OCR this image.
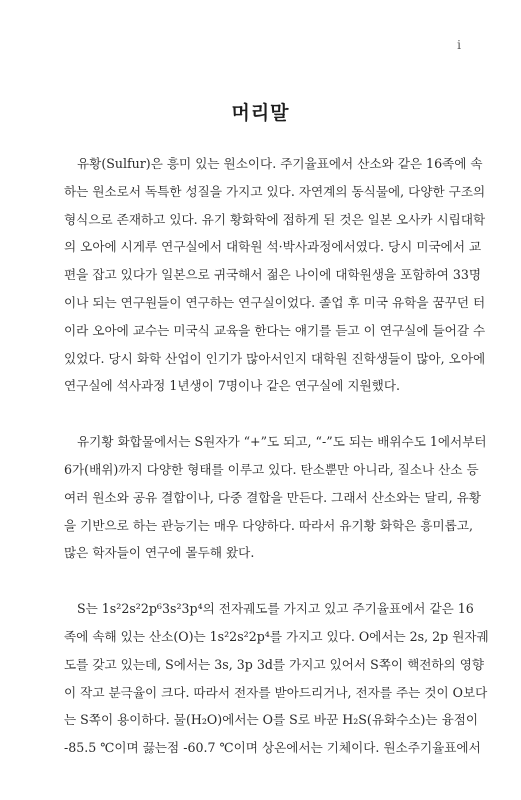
i
머리말
유황(Sulfur)은 흥미 있는 원소이다. 주기율표에서 산소와 같은 16족에 속
하는 원소로서 독특한 성질을 가지고 있다. 자연계의 동식물에, 다양한 구조의
형식으로 존재하고 있다. 유기 황화학에 접하게 된 것은 일본 오사카 시립대학
의 오아에 시게루 연구실에서 대학원 석·박사과정에서였다. 당시 미국에서 교
편을 잡고 있다가 일본으로 귀국해서 젊은 나이에 대학원생을 포함하여 33명
이나 되는 연구원들이 연구하는 연구실이었다. 졸업 후 미국 유학을 꿈꾸던 터
이라 오아에 교수는 미국식 교육을 한다는 얘기를 듣고 이 연구실에 들어갈 수
있었다. 당시 화학 산업이 인기가 많아서인지 대학원 진학생들이 많아, 오아에
연구실에 석사과정 1년생이 7명이나 같은 연구실에 지원했다.
유기황 화합물에서는 S원자가 “+”도 되고, “-”도 되는 배위수도 1에서부터
6가(배위)까지 다양한 형태를 이루고 있다. 탄소뿐만 아니라, 질소나 산소 등
여러 원소와 공유 결합이나, 다중 결합을 만든다. 그래서 산소와는 달리, 유황
을 기반으로 하는 관능기는 매우 다양하다. 따라서 유기황 화학은 흥미롭고,
많은 학자들이 연구에 몰두해 왔다.
S는 1s²2s²2p⁶3s²3p⁴의 전자궤도를 가지고 있고 주기율표에서 같은 16
족에 속해 있는 산소(O)는 1s²2s²2p⁴를 가지고 있다. O에서는 2s, 2p 원자궤
도를 갖고 있는데, S에서는 3s, 3p 3d를 가지고 있어서 S쪽이 핵전하의 영향
이 작고 분극율이 크다. 따라서 전자를 받아드리거나, 전자를 주는 것이 O보다
는 S쪽이 용이하다. 물(H₂O)에서는 O를 S로 바꾼 H₂S(유화수소)는 융점이
-85.5 ℃이며 끓는점 -60.7 ℃이며 상온에서는 기체이다. 원소주기율표에서
